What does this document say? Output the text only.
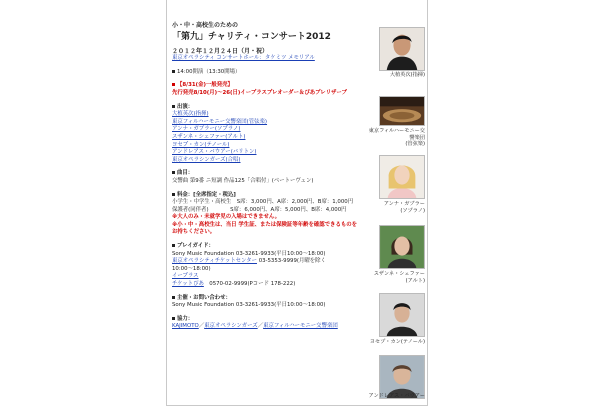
小・中・高校生のための
「第九」チャリティ・コンサート2012
２０１２年１２月２４日（月・祝）
東京オペラシティ コンサートホール：タケミツ メモリアル
14:00開演（13:30開場）
【8/31(金)一般発売】
先行発売8/10(月)～26(日)イープラスプレオーダー＆ぴあプレリザーブ
出演：
大植英次(指揮)
東京フィルハーモニー交響楽団(管弦楽)
アンナ・ガブラー(ソプラノ)
スザンネ・シェファー(アルト)
ヨセプ・カン(テノール)
アンドレアス・バウアー(バリトン)
東京オペラシンガーズ(合唱)
曲目：
交響曲 第9番 ニ短調 作品125「合唱付」(ベートーヴェン)
料金：[全席指定・税込]
小学生・中学生・高校生　S席：3,000円、A席：2,000円、B席：1,000円
保護者(同伴者)　　　　S席：6,000円、A席：5,000円、B席：4,000円
※大人のみ・未就学児の入場はできません。
※小・中・高校生は、当日 学生証、または保険証等年齢を確認できるものを
お持ちください。
プレイガイド：
Sony Music Foundation 03-3261-9933(平日10:00～18:00)
東京オペラシティチケットセンター 03-5353-9999(月曜を除く
10:00～18:00)
イープラス
チケットぴあ　 0570-02-9999(Pコード 178-222)
主催・お問い合わせ：
Sony Music Foundation 03-3261-9933(平日10:00～18:00)
協力：
KAJIMOTO／東京オペラシンガーズ／東京フィルハーモニー交響楽団
大植英次(指揮)
東京フィルハーモニー交
響楽団
(管弦楽)
アンナ・ガブラー
(ソプラノ)
スザンネ・シェファー
(アルト)
ヨセプ・カン(テノール)
アンドレアス・バウアー
